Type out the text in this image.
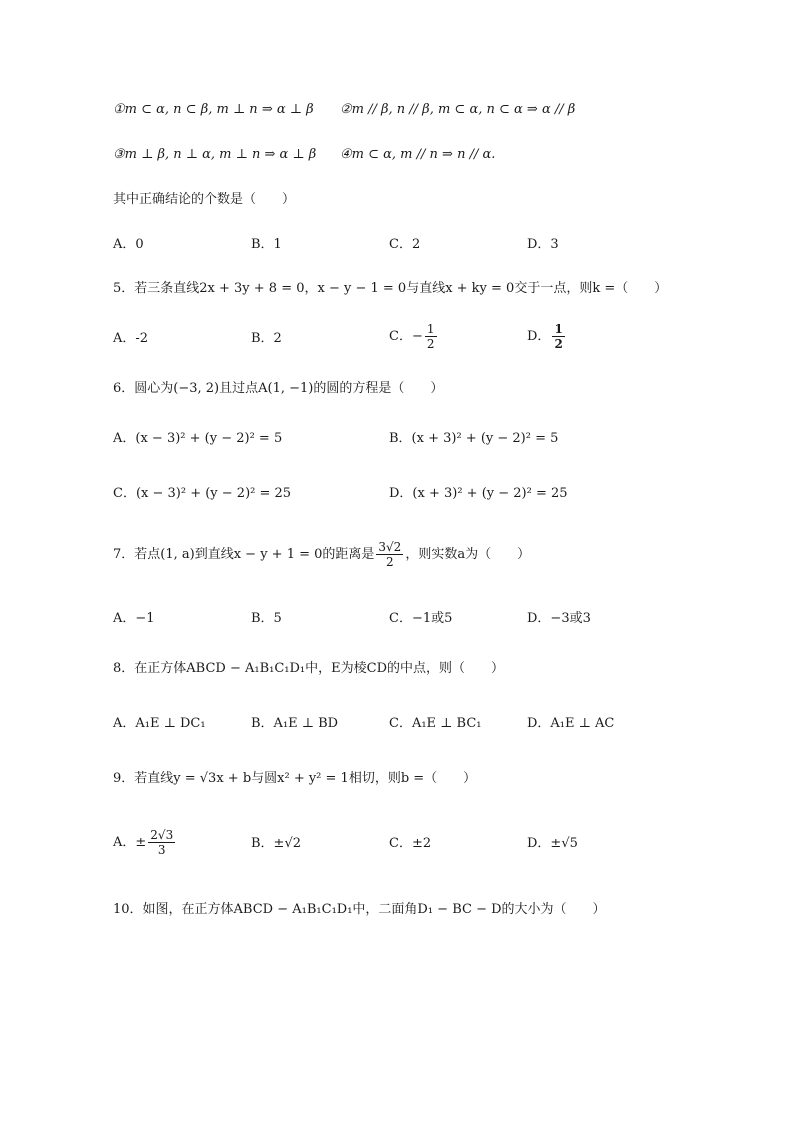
①m ⊂ α, n ⊂ β, m ⊥ n ⇒ α ⊥ β ②m // β, n // β, m ⊂ α, n ⊂ α ⇒ α // β
③m ⊥ β, n ⊥ α, m ⊥ n ⇒ α ⊥ β ④m ⊂ α, m // n ⇒ n // α.
其中正确结论的个数是（　　）
A．0	B．1	C．2	D．3
5．若三条直线2x + 3y + 8 = 0，x − y − 1 = 0与直线x + ky = 0交于一点，则k =（　　）
A．-2	B．2	C．− $\frac{1}{2}$	D． $\frac{1}{2}$
6．圆心为(−3, 2)且过点A(1, −1)的圆的方程是（　　）
A．(x − 3)² + (y − 2)² = 5	B．(x + 3)² + (y − 2)² = 5
C．(x − 3)² + (y − 2)² = 25	D．(x + 3)² + (y − 2)² = 25
7．若点(1, a)到直线x − y + 1 = 0的距离是 $\frac{3√2}{2}$ ，则实数a为（　　）
A．−1	B．5	C．−1或5	D．−3或3
8．在正方体ABCD − A₁B₁C₁D₁中，E为棱CD的中点，则（　　）
A．A₁E ⊥ DC₁	B．A₁E ⊥ BD	C．A₁E ⊥ BC₁	D．A₁E ⊥ AC
9．若直线y = √3x + b与圆x² + y² = 1相切，则b =（　　）
A．± $\frac{2√3}{3}$	B．±√2	C．±2	D．±√5
10．如图，在正方体ABCD − A₁B₁C₁D₁中，二面角D₁ − BC − D的大小为（　　）
